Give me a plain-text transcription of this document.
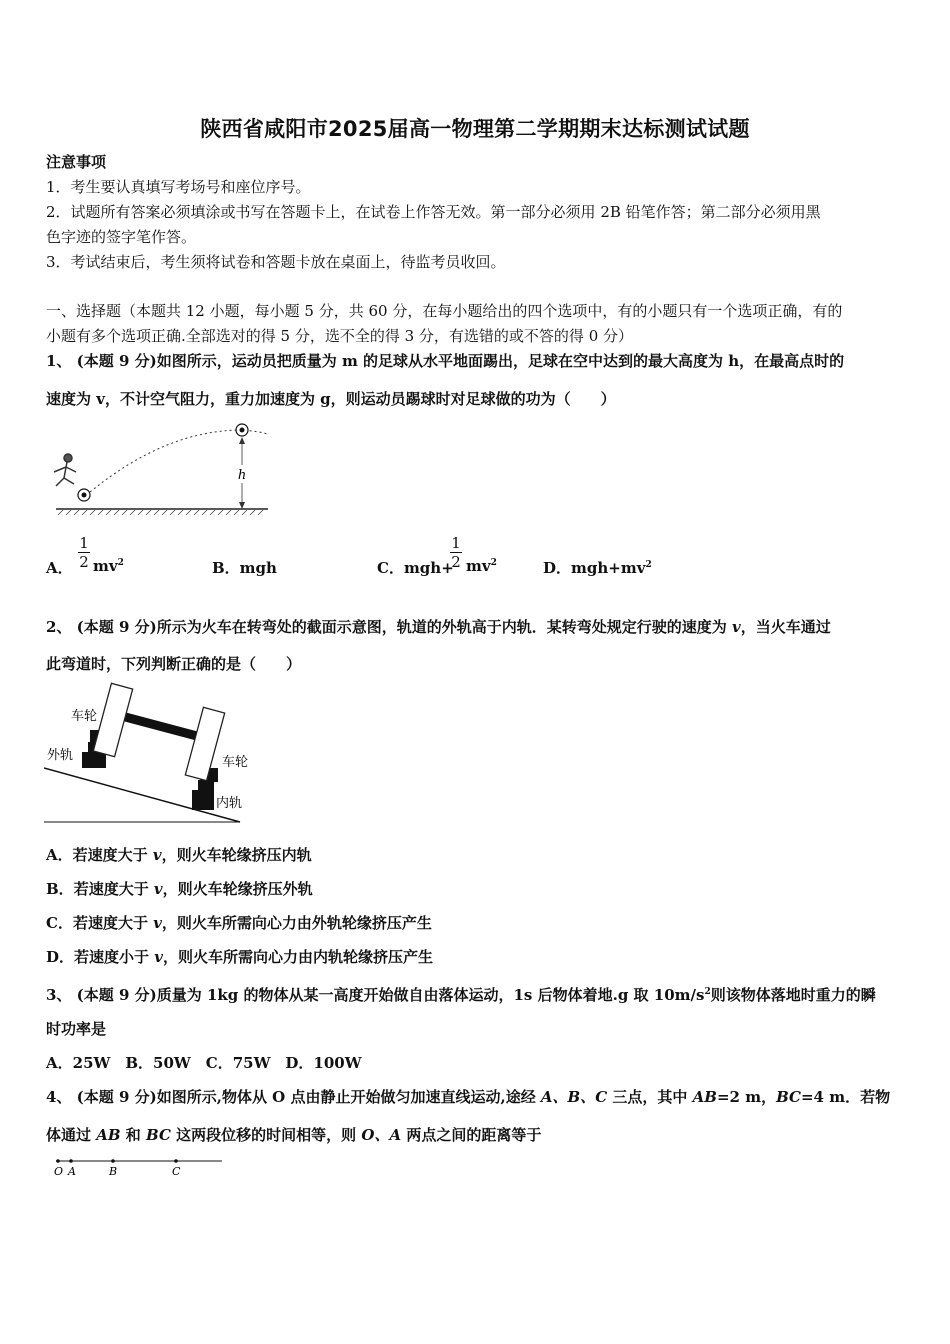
陕西省咸阳市2025届高一物理第二学期期末达标测试试题
注意事项
1．考生要认真填写考场号和座位序号。
2．试题所有答案必须填涂或书写在答题卡上，在试卷上作答无效。第一部分必须用 2B 铅笔作答；第二部分必须用黑
色字迹的签字笔作答。
3．考试结束后，考生须将试卷和答题卡放在桌面上，待监考员收回。
一、选择题（本题共 12 小题，每小题 5 分，共 60 分，在每小题给出的四个选项中，有的小题只有一个选项正确，有的
小题有多个选项正确.全部选对的得 5 分，选不全的得 3 分，有选错的或不答的得 0 分）
1、 (本题 9 分)如图所示，运动员把质量为 m 的足球从水平地面踢出，足球在空中达到的最大高度为 h，在最高点时的
速度为 v，不计空气阻力，重力加速度为 g，则运动员踢球时对足球做的功为（　　）
h
A．
1
2 $mv^2$	B．mgh	C．mgh+
1
2 $mv^2$	D．$mgh+mv^2$
2、 (本题 9 分)所示为火车在转弯处的截面示意图，轨道的外轨高于内轨．某转弯处规定行驶的速度为 v，当火车通过
此弯道时，下列判断正确的是（　　）
车轮
外轨	车轮
内轨
A．若速度大于 v，则火车轮缘挤压内轨
B．若速度大于 v，则火车轮缘挤压外轨
C．若速度大于 v，则火车所需向心力由外轨轮缘挤压产生
D．若速度小于 v，则火车所需向心力由内轨轮缘挤压产生
3、 (本题 9 分)质量为 1kg 的物体从某一高度开始做自由落体运动，1s 后物体着地.g 取 $10m/s^2$则该物体落地时重力的瞬
时功率是
A．25W　B．50W　C．75W　D．100W
4、 (本题 9 分)如图所示,物体从 O 点由静止开始做匀加速直线运动,途经 A、B、C 三点，其中 AB=2 m，BC=4 m．若物
体通过 AB 和 BC 这两段位移的时间相等，则 O、A 两点之间的距离等于
O A	B	C
